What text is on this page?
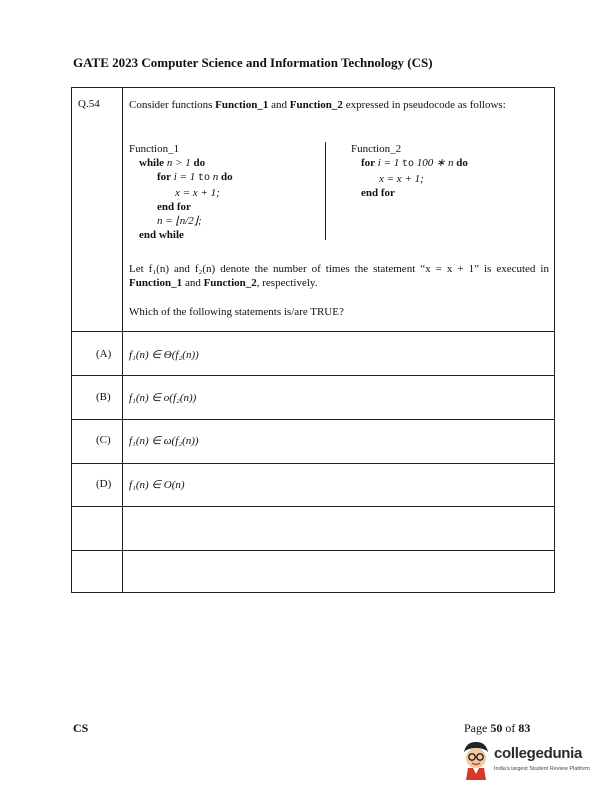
GATE 2023 Computer Science and Information Technology (CS)
Q.54	Consider functions Function_1 and Function_2 expressed in pseudocode as follows:
Function_1
while n > 1 do
for i = 1 to n do
x = x + 1;
end for
n = ⌊n/2⌋;
end while
Function_2
for i = 1 to 100 ∗ n do
x = x + 1;
end for
Let f₁(n) and f₂(n) denote the number of times the statement “x = x + 1” is executed in Function_1 and Function_2, respectively.
Which of the following statements is/are TRUE?
(A) f₁(n) ∈ Θ(f₂(n))
(B) f₁(n) ∈ o(f₂(n))
(C) f₁(n) ∈ ω(f₂(n))
(D) f₁(n) ∈ O(n)
CS	Page 50 of 83
collegedunia
India's largest Student Review Platform
